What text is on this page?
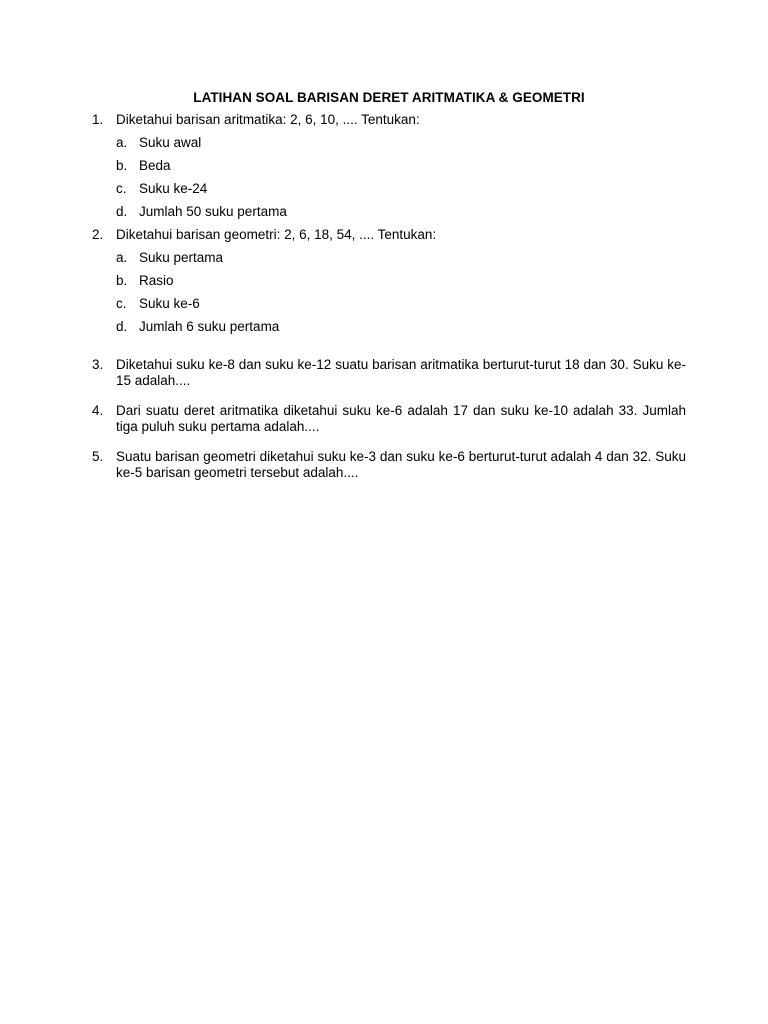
LATIHAN SOAL BARISAN DERET ARITMATIKA & GEOMETRI
1. Diketahui barisan aritmatika: 2, 6, 10, .... Tentukan:
a. Suku awal
b. Beda
c. Suku ke-24
d. Jumlah 50 suku pertama
2. Diketahui barisan geometri: 2, 6, 18, 54, .... Tentukan:
a. Suku pertama
b. Rasio
c. Suku ke-6
d. Jumlah 6 suku pertama
3. Diketahui suku ke-8 dan suku ke-12 suatu barisan aritmatika berturut-turut 18 dan 30. Suku ke-15 adalah....
4. Dari suatu deret aritmatika diketahui suku ke-6 adalah 17 dan suku ke-10 adalah 33. Jumlah tiga puluh suku pertama adalah....
5. Suatu barisan geometri diketahui suku ke-3 dan suku ke-6 berturut-turut adalah 4 dan 32. Suku ke-5 barisan geometri tersebut adalah....
